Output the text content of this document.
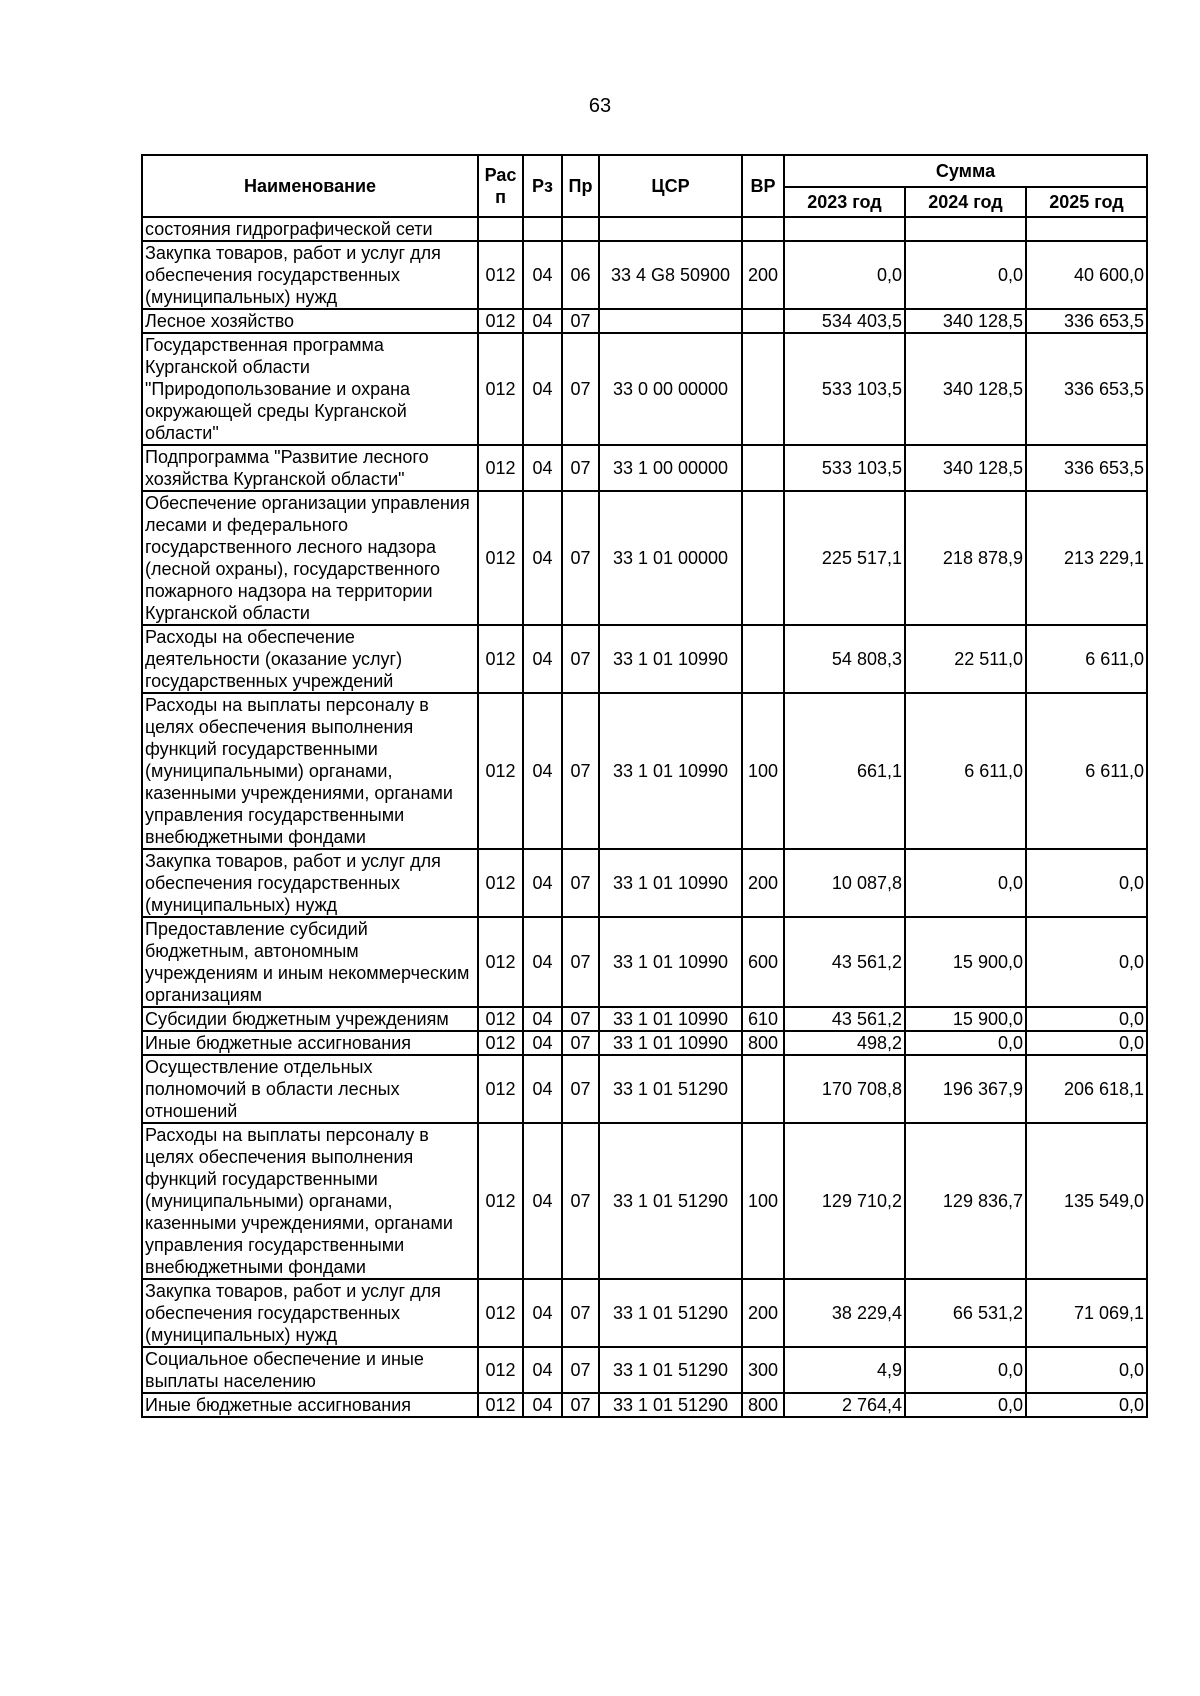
63
Наименование	Рас п	Рз	Пр	ЦСР	ВР	Сумма		
						2023 год	2024 год	2025 год
состояния гидрографической сети								
Закупка товаров, работ и услуг для обеспечения государственных (муниципальных) нужд	012	04	06	33 4 G8 50900	200	0,0	0,0	40 600,0
Лесное хозяйство	012	04	07			534 403,5	340 128,5	336 653,5
Государственная программа Курганской области "Природопользование и охрана окружающей среды Курганской области"	012	04	07	33 0 00 00000		533 103,5	340 128,5	336 653,5
Подпрограмма "Развитие лесного хозяйства Курганской области"	012	04	07	33 1 00 00000		533 103,5	340 128,5	336 653,5
Обеспечение организации управления лесами и федерального государственного лесного надзора (лесной охраны), государственного пожарного надзора на территории Курганской области	012	04	07	33 1 01 00000		225 517,1	218 878,9	213 229,1
Расходы на обеспечение деятельности (оказание услуг) государственных учреждений	012	04	07	33 1 01 10990		54 808,3	22 511,0	6 611,0
Расходы на выплаты персоналу в целях обеспечения выполнения функций государственными (муниципальными) органами, казенными учреждениями, органами управления государственными внебюджетными фондами	012	04	07	33 1 01 10990	100	661,1	6 611,0	6 611,0
Закупка товаров, работ и услуг для обеспечения государственных (муниципальных) нужд	012	04	07	33 1 01 10990	200	10 087,8	0,0	0,0
Предоставление субсидий бюджетным, автономным учреждениям и иным некоммерческим организациям	012	04	07	33 1 01 10990	600	43 561,2	15 900,0	0,0
Субсидии бюджетным учреждениям	012	04	07	33 1 01 10990	610	43 561,2	15 900,0	0,0
Иные бюджетные ассигнования	012	04	07	33 1 01 10990	800	498,2	0,0	0,0
Осуществление отдельных полномочий в области лесных отношений	012	04	07	33 1 01 51290		170 708,8	196 367,9	206 618,1
Расходы на выплаты персоналу в целях обеспечения выполнения функций государственными (муниципальными) органами, казенными учреждениями, органами управления государственными внебюджетными фондами	012	04	07	33 1 01 51290	100	129 710,2	129 836,7	135 549,0
Закупка товаров, работ и услуг для обеспечения государственных (муниципальных) нужд	012	04	07	33 1 01 51290	200	38 229,4	66 531,2	71 069,1
Социальное обеспечение и иные выплаты населению	012	04	07	33 1 01 51290	300	4,9	0,0	0,0
Иные бюджетные ассигнования	012	04	07	33 1 01 51290	800	2 764,4	0,0	0,0
